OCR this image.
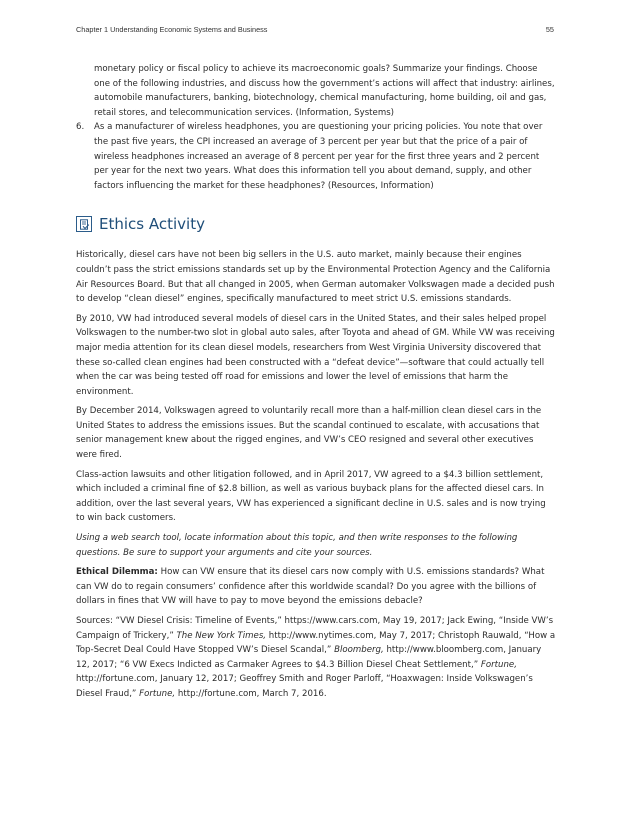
Chapter 1 Understanding Economic Systems and Business	55
monetary policy or fiscal policy to achieve its macroeconomic goals? Summarize your findings. Choose one of the following industries, and discuss how the government’s actions will affect that industry: airlines, automobile manufacturers, banking, biotechnology, chemical manufacturing, home building, oil and gas, retail stores, and telecommunication services. (Information, Systems)
6. As a manufacturer of wireless headphones, you are questioning your pricing policies. You note that over the past five years, the CPI increased an average of 3 percent per year but that the price of a pair of wireless headphones increased an average of 8 percent per year for the first three years and 2 percent per year for the next two years. What does this information tell you about demand, supply, and other factors influencing the market for these headphones? (Resources, Information)
Ethics Activity

Historically, diesel cars have not been big sellers in the U.S. auto market, mainly because their engines couldn’t pass the strict emissions standards set up by the Environmental Protection Agency and the California Air Resources Board. But that all changed in 2005, when German automaker Volkswagen made a decided push to develop “clean diesel” engines, specifically manufactured to meet strict U.S. emissions standards.

By 2010, VW had introduced several models of diesel cars in the United States, and their sales helped propel Volkswagen to the number-two slot in global auto sales, after Toyota and ahead of GM. While VW was receiving major media attention for its clean diesel models, researchers from West Virginia University discovered that these so-called clean engines had been constructed with a “defeat device”—software that could actually tell when the car was being tested off road for emissions and lower the level of emissions that harm the environment.

By December 2014, Volkswagen agreed to voluntarily recall more than a half-million clean diesel cars in the United States to address the emissions issues. But the scandal continued to escalate, with accusations that senior management knew about the rigged engines, and VW’s CEO resigned and several other executives were fired.

Class-action lawsuits and other litigation followed, and in April 2017, VW agreed to a $4.3 billion settlement, which included a criminal fine of $2.8 billion, as well as various buyback plans for the affected diesel cars. In addition, over the last several years, VW has experienced a significant decline in U.S. sales and is now trying to win back customers.

Using a web search tool, locate information about this topic, and then write responses to the following questions. Be sure to support your arguments and cite your sources.

Ethical Dilemma: How can VW ensure that its diesel cars now comply with U.S. emissions standards? What can VW do to regain consumers’ confidence after this worldwide scandal? Do you agree with the billions of dollars in fines that VW will have to pay to move beyond the emissions debacle?

Sources: “VW Diesel Crisis: Timeline of Events,” https://www.cars.com, May 19, 2017; Jack Ewing, “Inside VW’s Campaign of Trickery,” The New York Times, http://www.nytimes.com, May 7, 2017; Christoph Rauwald, “How a Top-Secret Deal Could Have Stopped VW’s Diesel Scandal,” Bloomberg, http://www.bloomberg.com, January 12, 2017; “6 VW Execs Indicted as Carmaker Agrees to $4.3 Billion Diesel Cheat Settlement,” Fortune, http://fortune.com, January 12, 2017; Geoffrey Smith and Roger Parloff, “Hoaxwagen: Inside Volkswagen’s Diesel Fraud,” Fortune, http://fortune.com, March 7, 2016.
